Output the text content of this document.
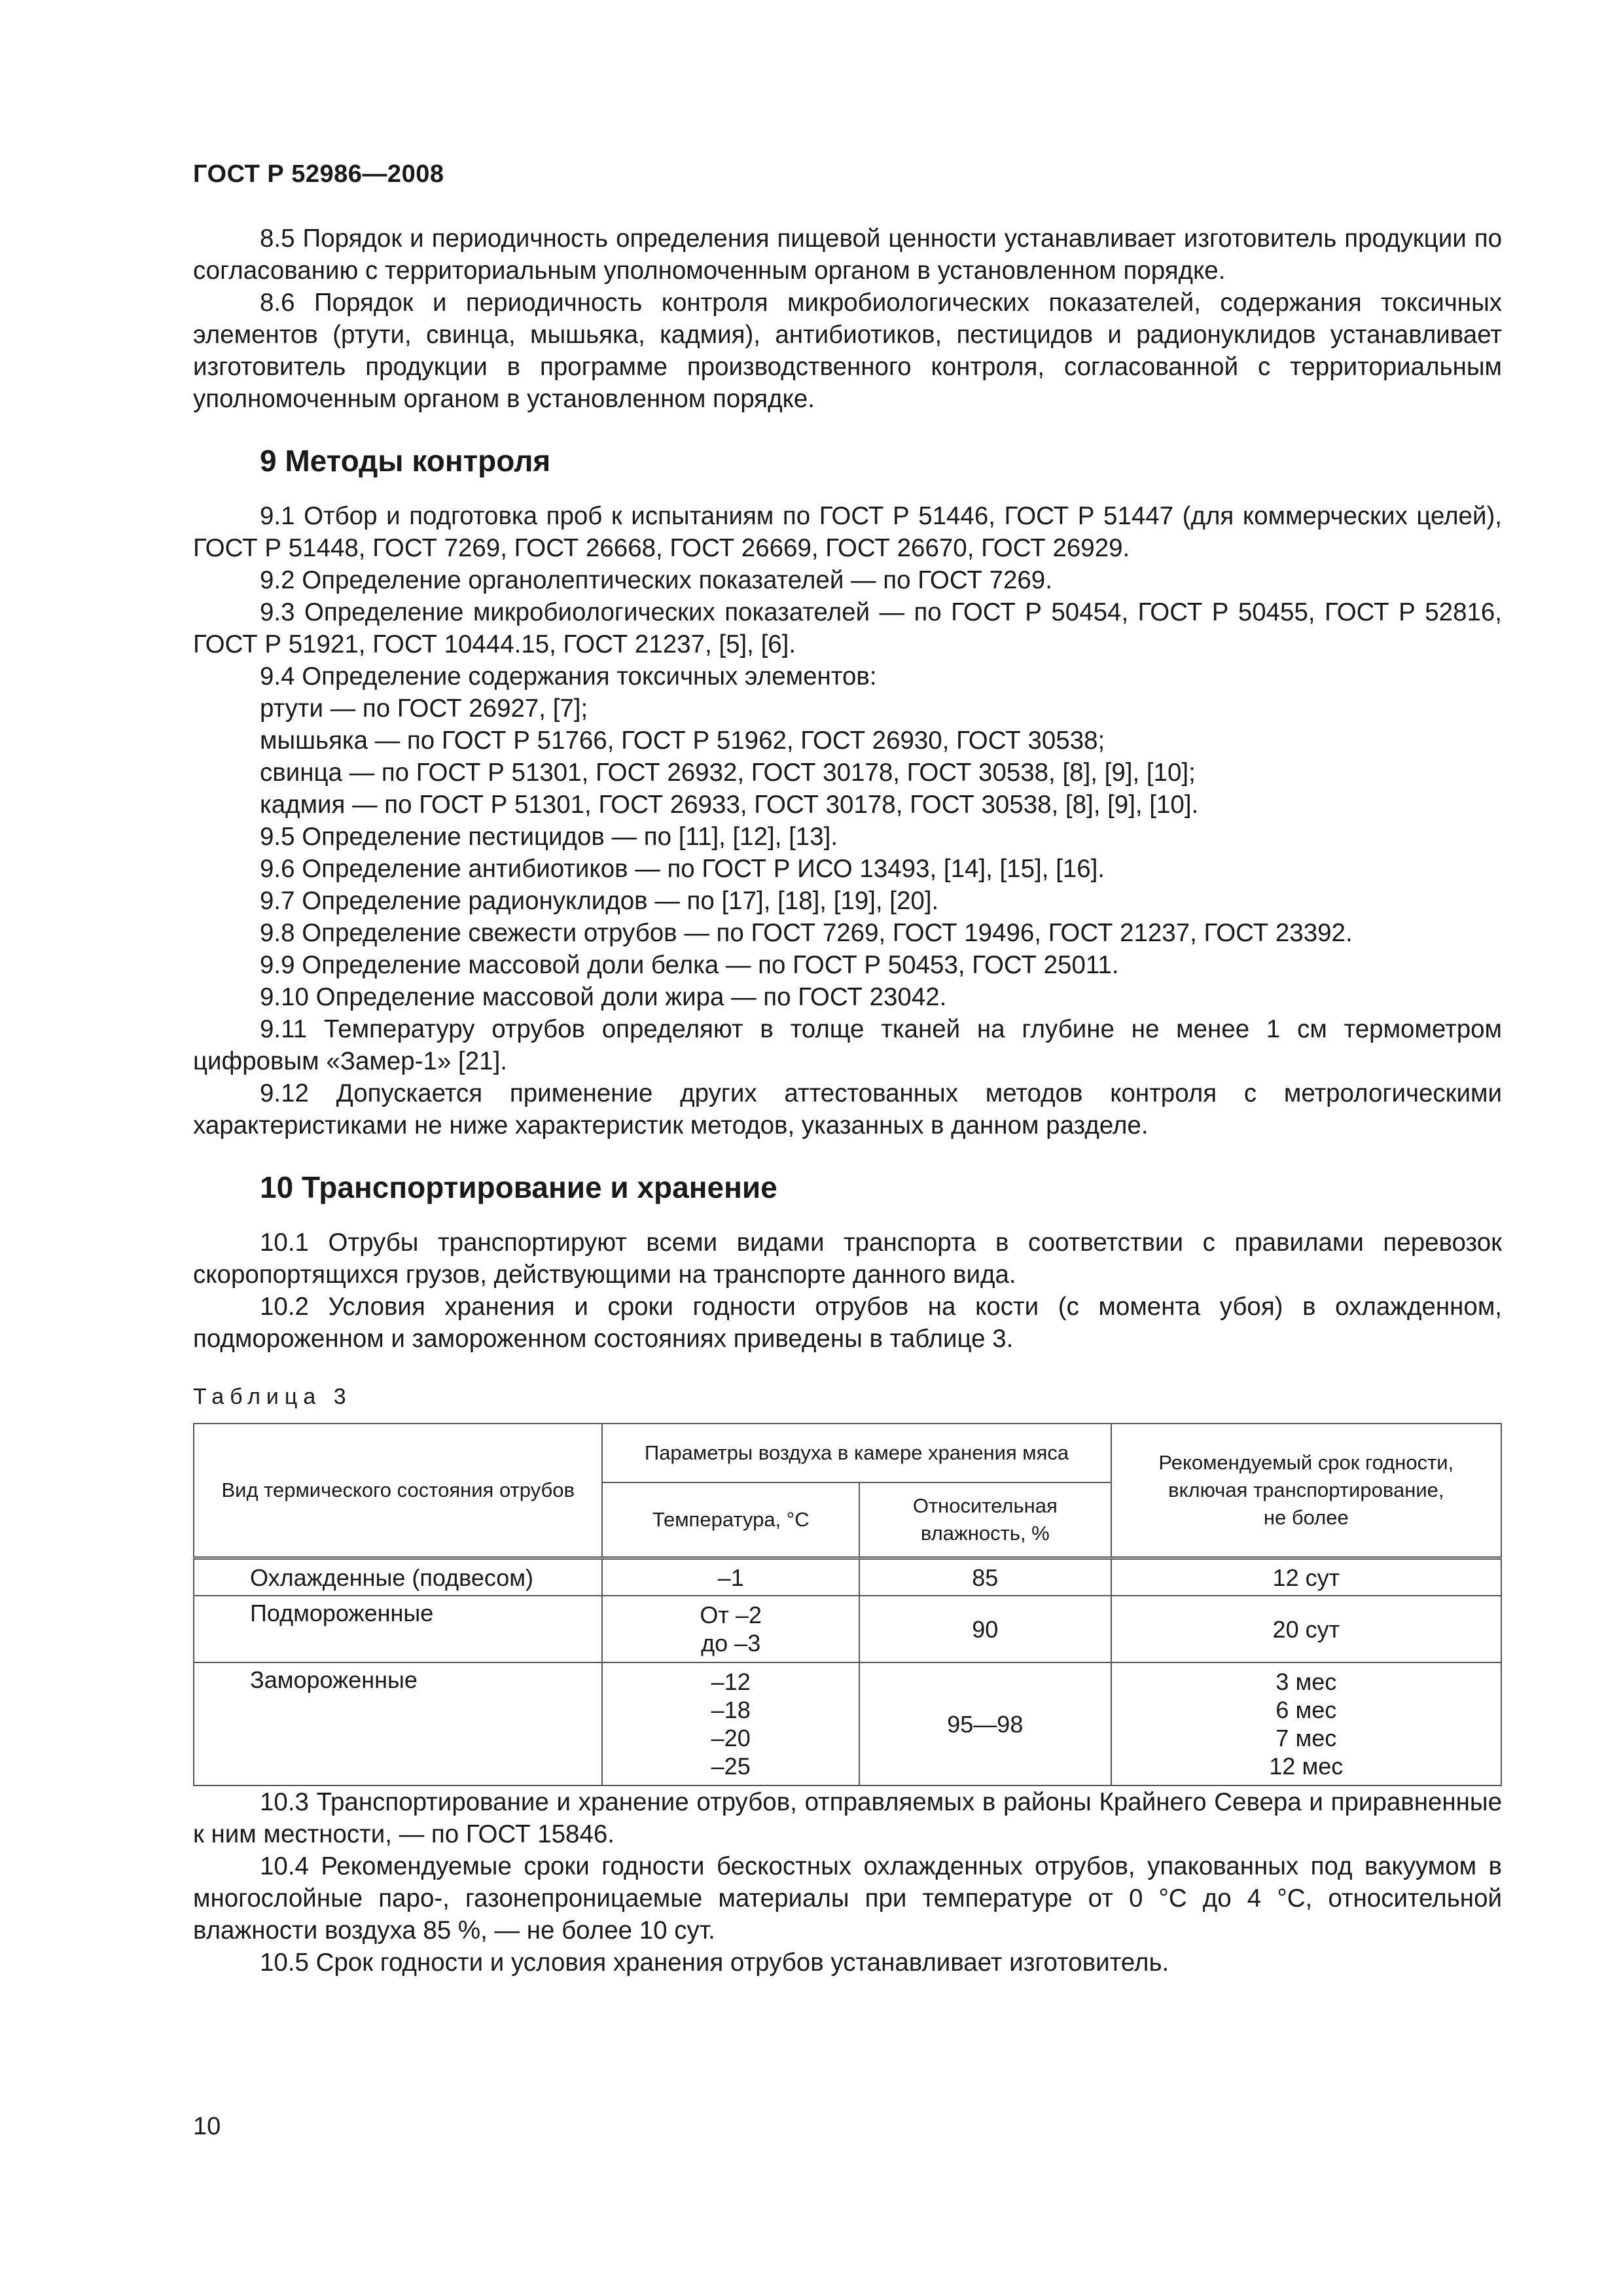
ГОСТ Р 52986—2008

8.5 Порядок и периодичность определения пищевой ценности устанавливает изготовитель продукции по согласованию с территориальным уполномоченным органом в установленном порядке.

8.6 Порядок и периодичность контроля микробиологических показателей, содержания токсичных элементов (ртути, свинца, мышьяка, кадмия), антибиотиков, пестицидов и радионуклидов устанавливает изготовитель продукции в программе производственного контроля, согласованной с территориальным уполномоченным органом в установленном порядке.

9 Методы контроля

9.1 Отбор и подготовка проб к испытаниям по ГОСТ Р 51446, ГОСТ Р 51447 (для коммерческих целей), ГОСТ Р 51448, ГОСТ 7269, ГОСТ 26668, ГОСТ 26669, ГОСТ 26670, ГОСТ 26929.

9.2 Определение органолептических показателей — по ГОСТ 7269.

9.3 Определение микробиологических показателей — по ГОСТ Р 50454, ГОСТ Р 50455, ГОСТ Р 52816, ГОСТ Р 51921, ГОСТ 10444.15, ГОСТ 21237, [5], [6].

9.4 Определение содержания токсичных элементов:

ртути — по ГОСТ 26927, [7];

мышьяка — по ГОСТ Р 51766, ГОСТ Р 51962, ГОСТ 26930, ГОСТ 30538;

свинца — по ГОСТ Р 51301, ГОСТ 26932, ГОСТ 30178, ГОСТ 30538, [8], [9], [10];

кадмия — по ГОСТ Р 51301, ГОСТ 26933, ГОСТ 30178, ГОСТ 30538, [8], [9], [10].

9.5 Определение пестицидов — по [11], [12], [13].

9.6 Определение антибиотиков — по ГОСТ Р ИСО 13493, [14], [15], [16].

9.7 Определение радионуклидов — по [17], [18], [19], [20].

9.8 Определение свежести отрубов — по ГОСТ 7269, ГОСТ 19496, ГОСТ 21237, ГОСТ 23392.

9.9 Определение массовой доли белка — по ГОСТ Р 50453, ГОСТ 25011.

9.10 Определение массовой доли жира — по ГОСТ 23042.

9.11 Температуру отрубов определяют в толще тканей на глубине не менее 1 см термометром цифровым «Замер-1» [21].

9.12 Допускается применение других аттестованных методов контроля с метрологическими характеристиками не ниже характеристик методов, указанных в данном разделе.

10 Транспортирование и хранение

10.1 Отрубы транспортируют всеми видами транспорта в соответствии с правилами перевозок скоропортящихся грузов, действующими на транспорте данного вида.

10.2 Условия хранения и сроки годности отрубов на кости (с момента убоя) в охлажденном, подмороженном и замороженном состояниях приведены в таблице 3.

Таблица 3
Вид термического состояния отрубов	Параметры воздуха в камере хранения мяса		Рекомендуемый срок годности,
включая транспортирование,
не более

	Температура, °С	Относительная
влажность, %	

Охлажденные (подвесом)	–1	85	12 сут
Подмороженные	От –2
до –3	90	20 сут
Замороженные	–12
–18
–20
–25	95—98	3 мес
6 мес
7 мес
12 мес

10.3 Транспортирование и хранение отрубов, отправляемых в районы Крайнего Севера и приравненные к ним местности, — по ГОСТ 15846.

10.4 Рекомендуемые сроки годности бескостных охлажденных отрубов, упакованных под вакуумом в многослойные паро-, газонепроницаемые материалы при температуре от 0 °С до 4 °С, относительной влажности воздуха 85 %, — не более 10 сут.

10.5 Срок годности и условия хранения отрубов устанавливает изготовитель.

10
